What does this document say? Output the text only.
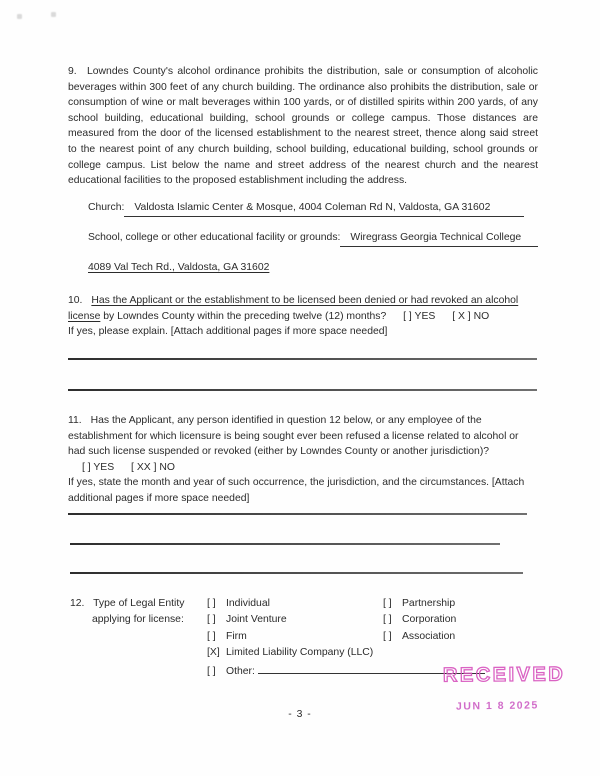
9. Lowndes County's alcohol ordinance prohibits the distribution, sale or consumption of alcoholic beverages within 300 feet of any church building. The ordinance also prohibits the distribution, sale or consumption of wine or malt beverages within 100 yards, or of distilled spirits within 200 yards, of any school building, educational building, school grounds or college campus. Those distances are measured from the door of the licensed establishment to the nearest street, thence along said street to the nearest point of any church building, school building, educational building, school grounds or college campus. List below the name and street address of the nearest church and the nearest educational facilities to the proposed establishment including the address.
Church: Valdosta Islamic Center & Mosque, 4004 Coleman Rd N, Valdosta, GA 31602
School, college or other educational facility or grounds: Wiregrass Georgia Technical College
4089 Val Tech Rd., Valdosta, GA 31602
10. Has the Applicant or the establishment to be licensed been denied or had revoked an alcohol license by Lowndes County within the preceding twelve (12) months? [ ] YES [ X ] NO
If yes, please explain. [Attach additional pages if more space needed]
11. Has the Applicant, any person identified in question 12 below, or any employee of the establishment for which licensure is being sought ever been refused a license related to alcohol or had such license suspended or revoked (either by Lowndes County or another jurisdiction)? [ ] YES [ XX ] NO
If yes, state the month and year of such occurrence, the jurisdiction, and the circumstances. [Attach additional pages if more space needed]
12. Type of Legal Entity
applying for license:
[ ] Individual
[ ] Joint Venture
[ ] Firm
[X] Limited Liability Company (LLC)
[ ] Other:
[ ] Partnership
[ ] Corporation
[ ] Association
RECEIVED
JUN 1 8 2025
- 3 -
